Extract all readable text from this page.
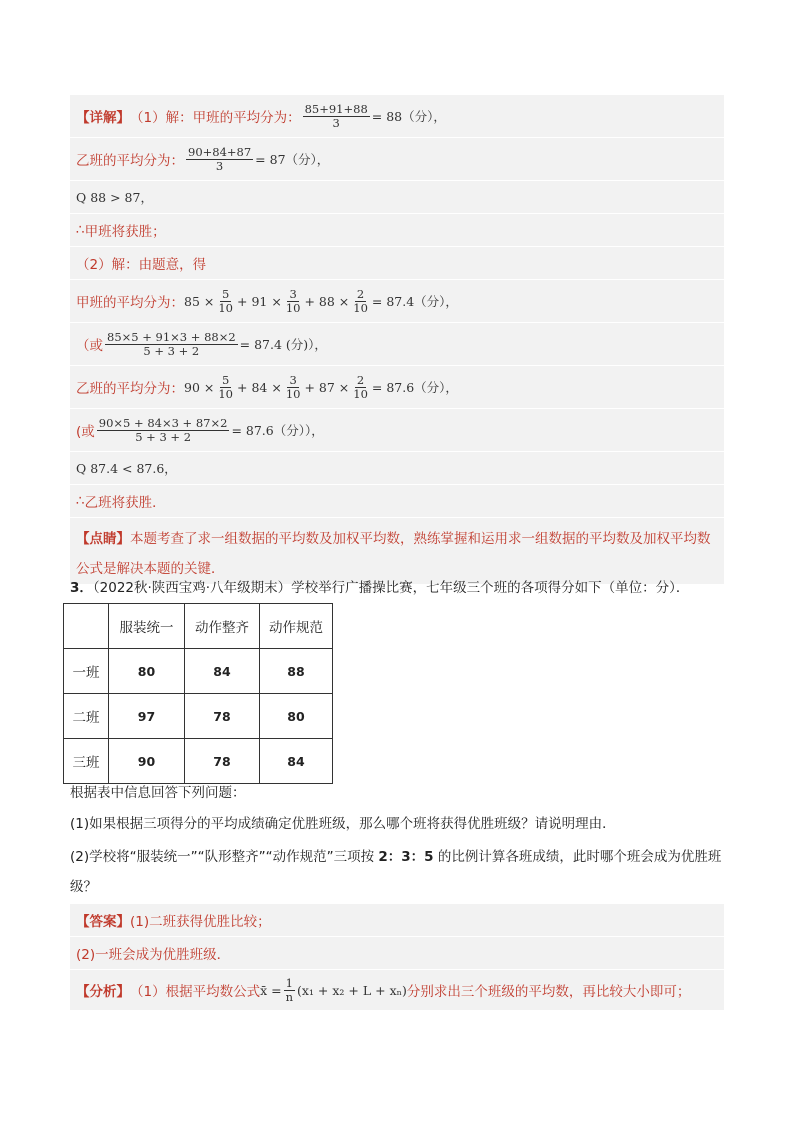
【详解】 （1）解：甲班的平均分为： $\frac{85+91+88}{3} = 88$（分），
乙班的平均分为： $\frac{90+84+87}{3} = 87$（分），
Q 88 > 87，
∴ 甲班将获胜；
（2）解：由题意，得
甲班的平均分为： $85 \times \frac{5}{10} + 91 \times \frac{3}{10} + 88 \times \frac{2}{10} = 87.4$（分），
（或 $\frac{85\times 5 + 91\times 3 + 88\times 2}{5 + 3 + 2} = 87.4$ (分)），
乙班的平均分为： $90 \times \frac{5}{10} + 84 \times \frac{3}{10} + 87 \times \frac{2}{10} = 87.6$（分），
(或 $\frac{90\times 5 + 84\times 3 + 87\times 2}{5 + 3 + 2} = 87.6$（分）），
Q 87.4 < 87.6，
∴ 乙班将获胜．
【点睛】本题考查了求一组数据的平均数及加权平均数，熟练掌握和运用求一组数据的平均数及加权平均数公式是解决本题的关键．
3．（2022秋·陕西宝鸡·八年级期末）学校举行广播操比赛，七年级三个班的各项得分如下（单位：分）．
	服装统一	动作整齐	动作规范
一班	80	84	88
二班	97	78	80
三班	90	78	84
根据表中信息回答下列问题：
(1)如果根据三项得分的平均成绩确定优胜班级，那么哪个班将获得优胜班级？请说明理由．
(2)学校将“服装统一”“队形整齐”“动作规范”三项按 2：3：5 的比例计算各班成绩，此时哪个班会成为优胜班级？
【答案】 (1)二班获得优胜比较；
(2)一班会成为优胜班级．
【分析】 （1）根据平均数公式 x̄ = $\frac{1}{n} (x_1 + x_2 + L + x_n)$ 分别求出三个班级的平均数，再比较大小即可；
